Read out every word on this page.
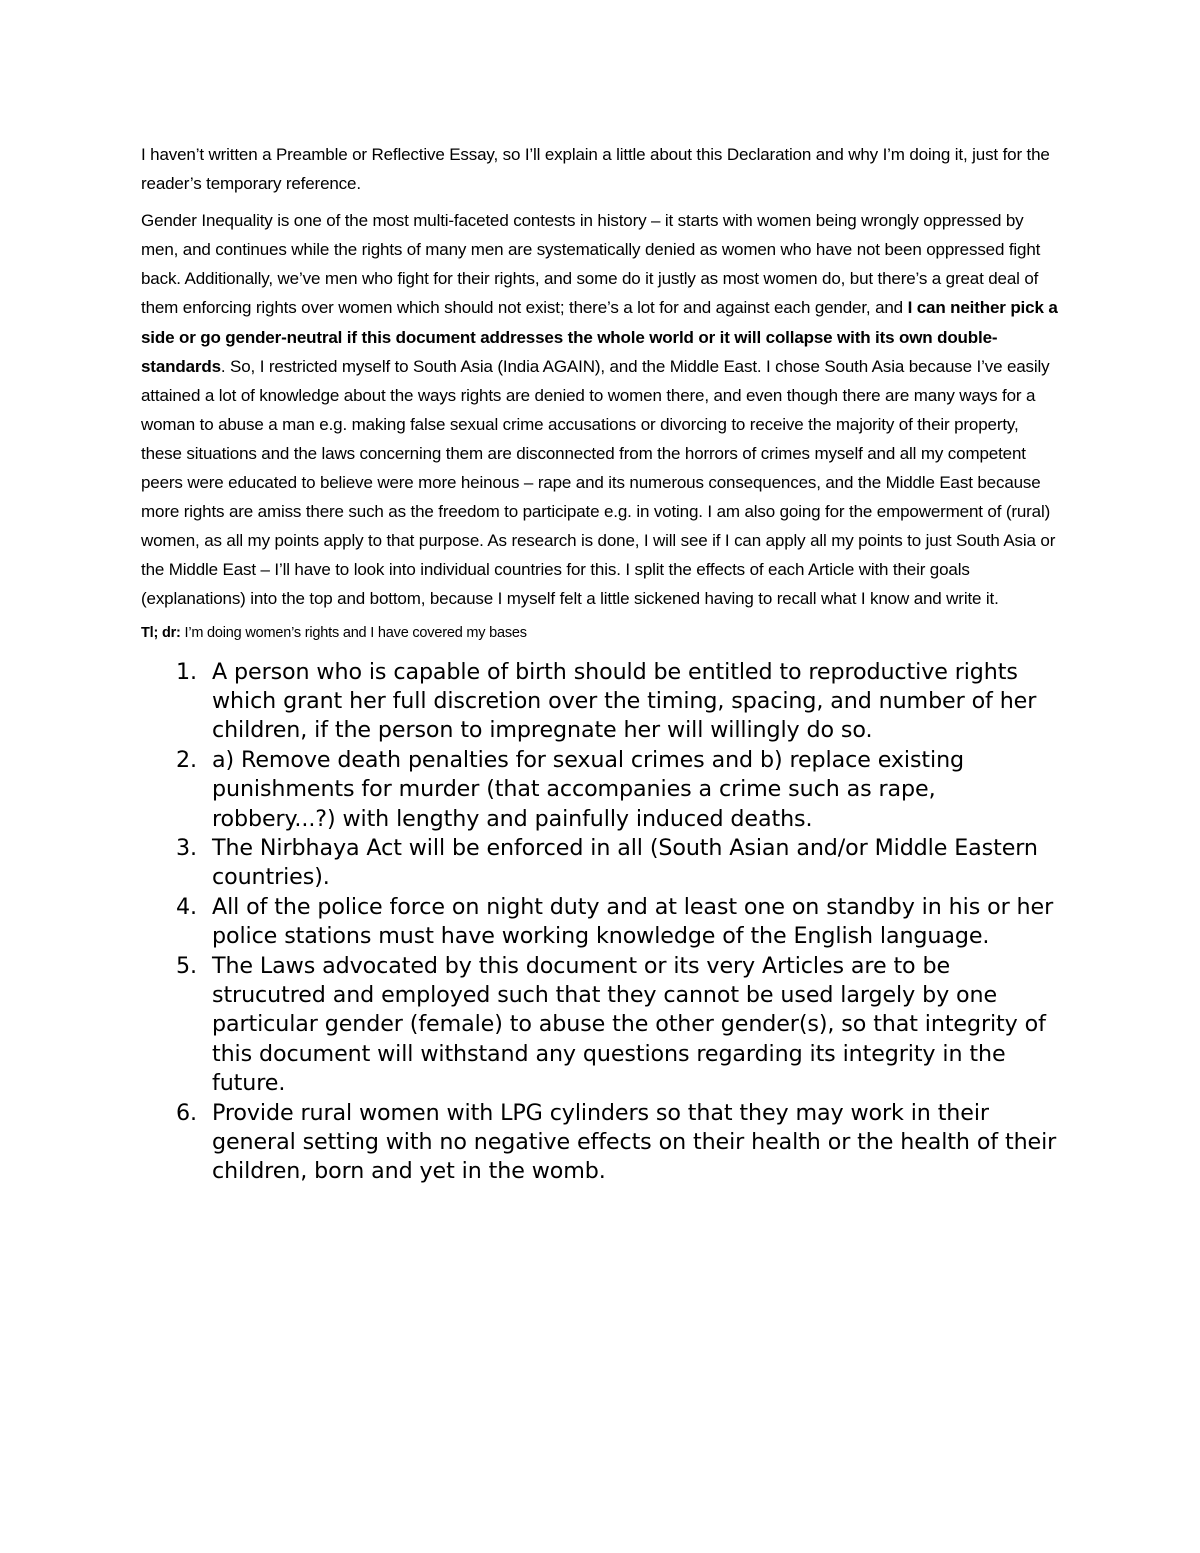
I haven’t written a Preamble or Reflective Essay, so I’ll explain a little about this Declaration and why I’m doing it, just for the reader’s temporary reference.

Gender Inequality is one of the most multi-faceted contests in history – it starts with women being wrongly oppressed by men, and continues while the rights of many men are systematically denied as women who have not been oppressed fight back. Additionally, we’ve men who fight for their rights, and some do it justly as most women do, but there’s a great deal of them enforcing rights over women which should not exist; there’s a lot for and against each gender, and I can neither pick a side or go gender-neutral if this document addresses the whole world or it will collapse with its own double-standards. So, I restricted myself to South Asia (India AGAIN), and the Middle East. I chose South Asia because I’ve easily attained a lot of knowledge about the ways rights are denied to women there, and even though there are many ways for a woman to abuse a man e.g. making false sexual crime accusations or divorcing to receive the majority of their property, these situations and the laws concerning them are disconnected from the horrors of crimes myself and all my competent peers were educated to believe were more heinous – rape and its numerous consequences, and the Middle East because more rights are amiss there such as the freedom to participate e.g. in voting. I am also going for the empowerment of (rural) women, as all my points apply to that purpose. As research is done, I will see if I can apply all my points to just South Asia or the Middle East – I’ll have to look into individual countries for this. I split the effects of each Article with their goals (explanations) into the top and bottom, because I myself felt a little sickened having to recall what I know and write it.

Tl; dr: I’m doing women’s rights and I have covered my bases

1. A person who is capable of birth should be entitled to reproductive rights which grant her full discretion over the timing, spacing, and number of her children, if the person to impregnate her will willingly do so.
2. a) Remove death penalties for sexual crimes and b) replace existing punishments for murder (that accompanies a crime such as rape, robbery...?) with lengthy and painfully induced deaths.
3. The Nirbhaya Act will be enforced in all (South Asian and/or Middle Eastern countries).
4. All of the police force on night duty and at least one on standby in his or her police stations must have working knowledge of the English language.
5. The Laws advocated by this document or its very Articles are to be strucutred and employed such that they cannot be used largely by one particular gender (female) to abuse the other gender(s), so that integrity of this document will withstand any questions regarding its integrity in the future.
6. Provide rural women with LPG cylinders so that they may work in their general setting with no negative effects on their health or the health of their children, born and yet in the womb.
